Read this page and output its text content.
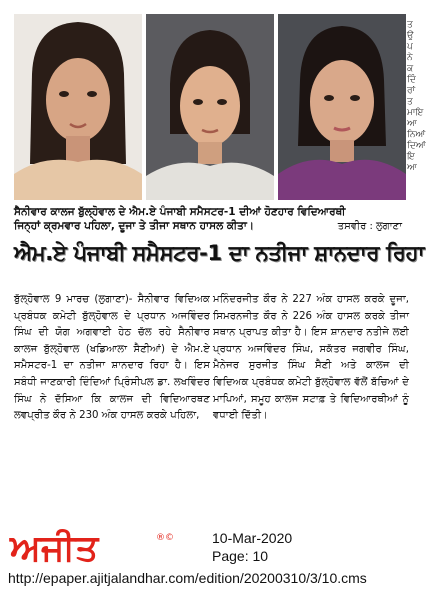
ਤ ਉਪ ਨੇ ਕ ਦਿੰ ਰਾਂ ਤ ਮਾਇਆ ਨਿਆਂ ਦਿਆਂ ਇਆ
ਸੈਨੀਵਾਰ ਕਾਲਜ ਬੁੱਲ੍ਹੋਵਾਲ ਦੇ ਐਮ.ਏ ਪੰਜਾਬੀ ਸਮੈਸਟਰ-1 ਦੀਆਂ ਹੋਣਹਾਰ ਵਿਦਿਆਰਥੀ
ਜਿਨ੍ਹਾਂ ਕ੍ਰਮਵਾਰ ਪਹਿਲਾ, ਦੂਜਾ ਤੇ ਤੀਜਾ ਸਥਾਨ ਹਾਸਲ ਕੀਤਾ।	ਤਸਵੀਰ : ਲੁਗਾਣਾ
ਐਮ.ਏ ਪੰਜਾਬੀ ਸਮੈਸਟਰ-1 ਦਾ ਨਤੀਜਾ ਸ਼ਾਨਦਾਰ ਰਿਹਾ
ਬੁੱਲ੍ਹੋਵਾਲ 9 ਮਾਰਚ (ਲੁਗਾਣਾ)- ਸੈਨੀਵਾਰ ਵਿਦਿਅਕ ਪ੍ਰਬੰਧਕ ਕਮੇਟੀ ਬੁੱਲ੍ਹੋਵਾਲ ਦੇ ਪ੍ਰਧਾਨ ਅਜਵਿੰਦਰ ਸਿੰਘ ਦੀ ਯੋਗ ਅਗਵਾਈ ਹੇਠ ਚੱਲ ਰਹੇ ਸੈਨੀਵਾਰ ਕਾਲਜ ਬੁੱਲ੍ਹੋਵਾਲ (ਖਡਿਆਲਾ ਸੈਣੀਆਂ) ਦੇ ਐਮ.ਏ ਸਮੈਸਟਰ-1 ਦਾ ਨਤੀਜਾ ਸ਼ਾਨਦਾਰ ਰਿਹਾ ਹੈ। ਇਸ ਸਬੰਧੀ ਜਾਣਕਾਰੀ ਦਿੰਦਿਆਂ ਪ੍ਰਿੰਸੀਪਲ ਡਾ. ਲਖਵਿੰਦਰ ਸਿੰਘ ਨੇ ਦੱਸਿਆ ਕਿ ਕਾਲਜ ਦੀ ਵਿਦਿਆਰਥਣ ਲਵਪ੍ਰੀਤ ਕੌਰ ਨੇ 230 ਅੰਕ ਹਾਸਲ ਕਰਕੇ ਪਹਿਲਾ,
ਮਨਿੰਦਰਜੀਤ ਕੌਰ ਨੇ 227 ਅੰਕ ਹਾਸਲ ਕਰਕੇ ਦੂਜਾ, ਸਿਮਰਨਜੀਤ ਕੌਰ ਨੇ 226 ਅੰਕ ਹਾਸਲ ਕਰਕੇ ਤੀਜਾ ਸਥਾਨ ਪ੍ਰਾਪਤ ਕੀਤਾ ਹੈ। ਇਸ ਸ਼ਾਨਦਾਰ ਨਤੀਜੇ ਲਈ ਪ੍ਰਧਾਨ ਅਜਵਿੰਦਰ ਸਿੰਘ, ਸਕੱਤਰ ਜਗਵੀਰ ਸਿੰਘ, ਮੈਨੇਜਰ ਸੁਰਜੀਤ ਸਿੰਘ ਸੈਣੀ ਅਤੇ ਕਾਲਜ ਦੀ ਵਿਦਿਅਕ ਪ੍ਰਬੰਧਕ ਕਮੇਟੀ ਬੁੱਲ੍ਹੋਵਾਲ ਵੱਲੋਂ ਬੱਚਿਆਂ ਦੇ ਮਾਪਿਆਂ, ਸਮੂਹ ਕਾਲਜ ਸਟਾਫ਼ ਤੇ ਵਿਦਿਆਰਥੀਆਂ ਨੂੰ ਵਧਾਈ ਦਿੱਤੀ।
ਅਜੀਤ	®©	10-Mar-2020
Page: 10
http://epaper.ajitjalandhar.com/edition/20200310/3/10.cms
